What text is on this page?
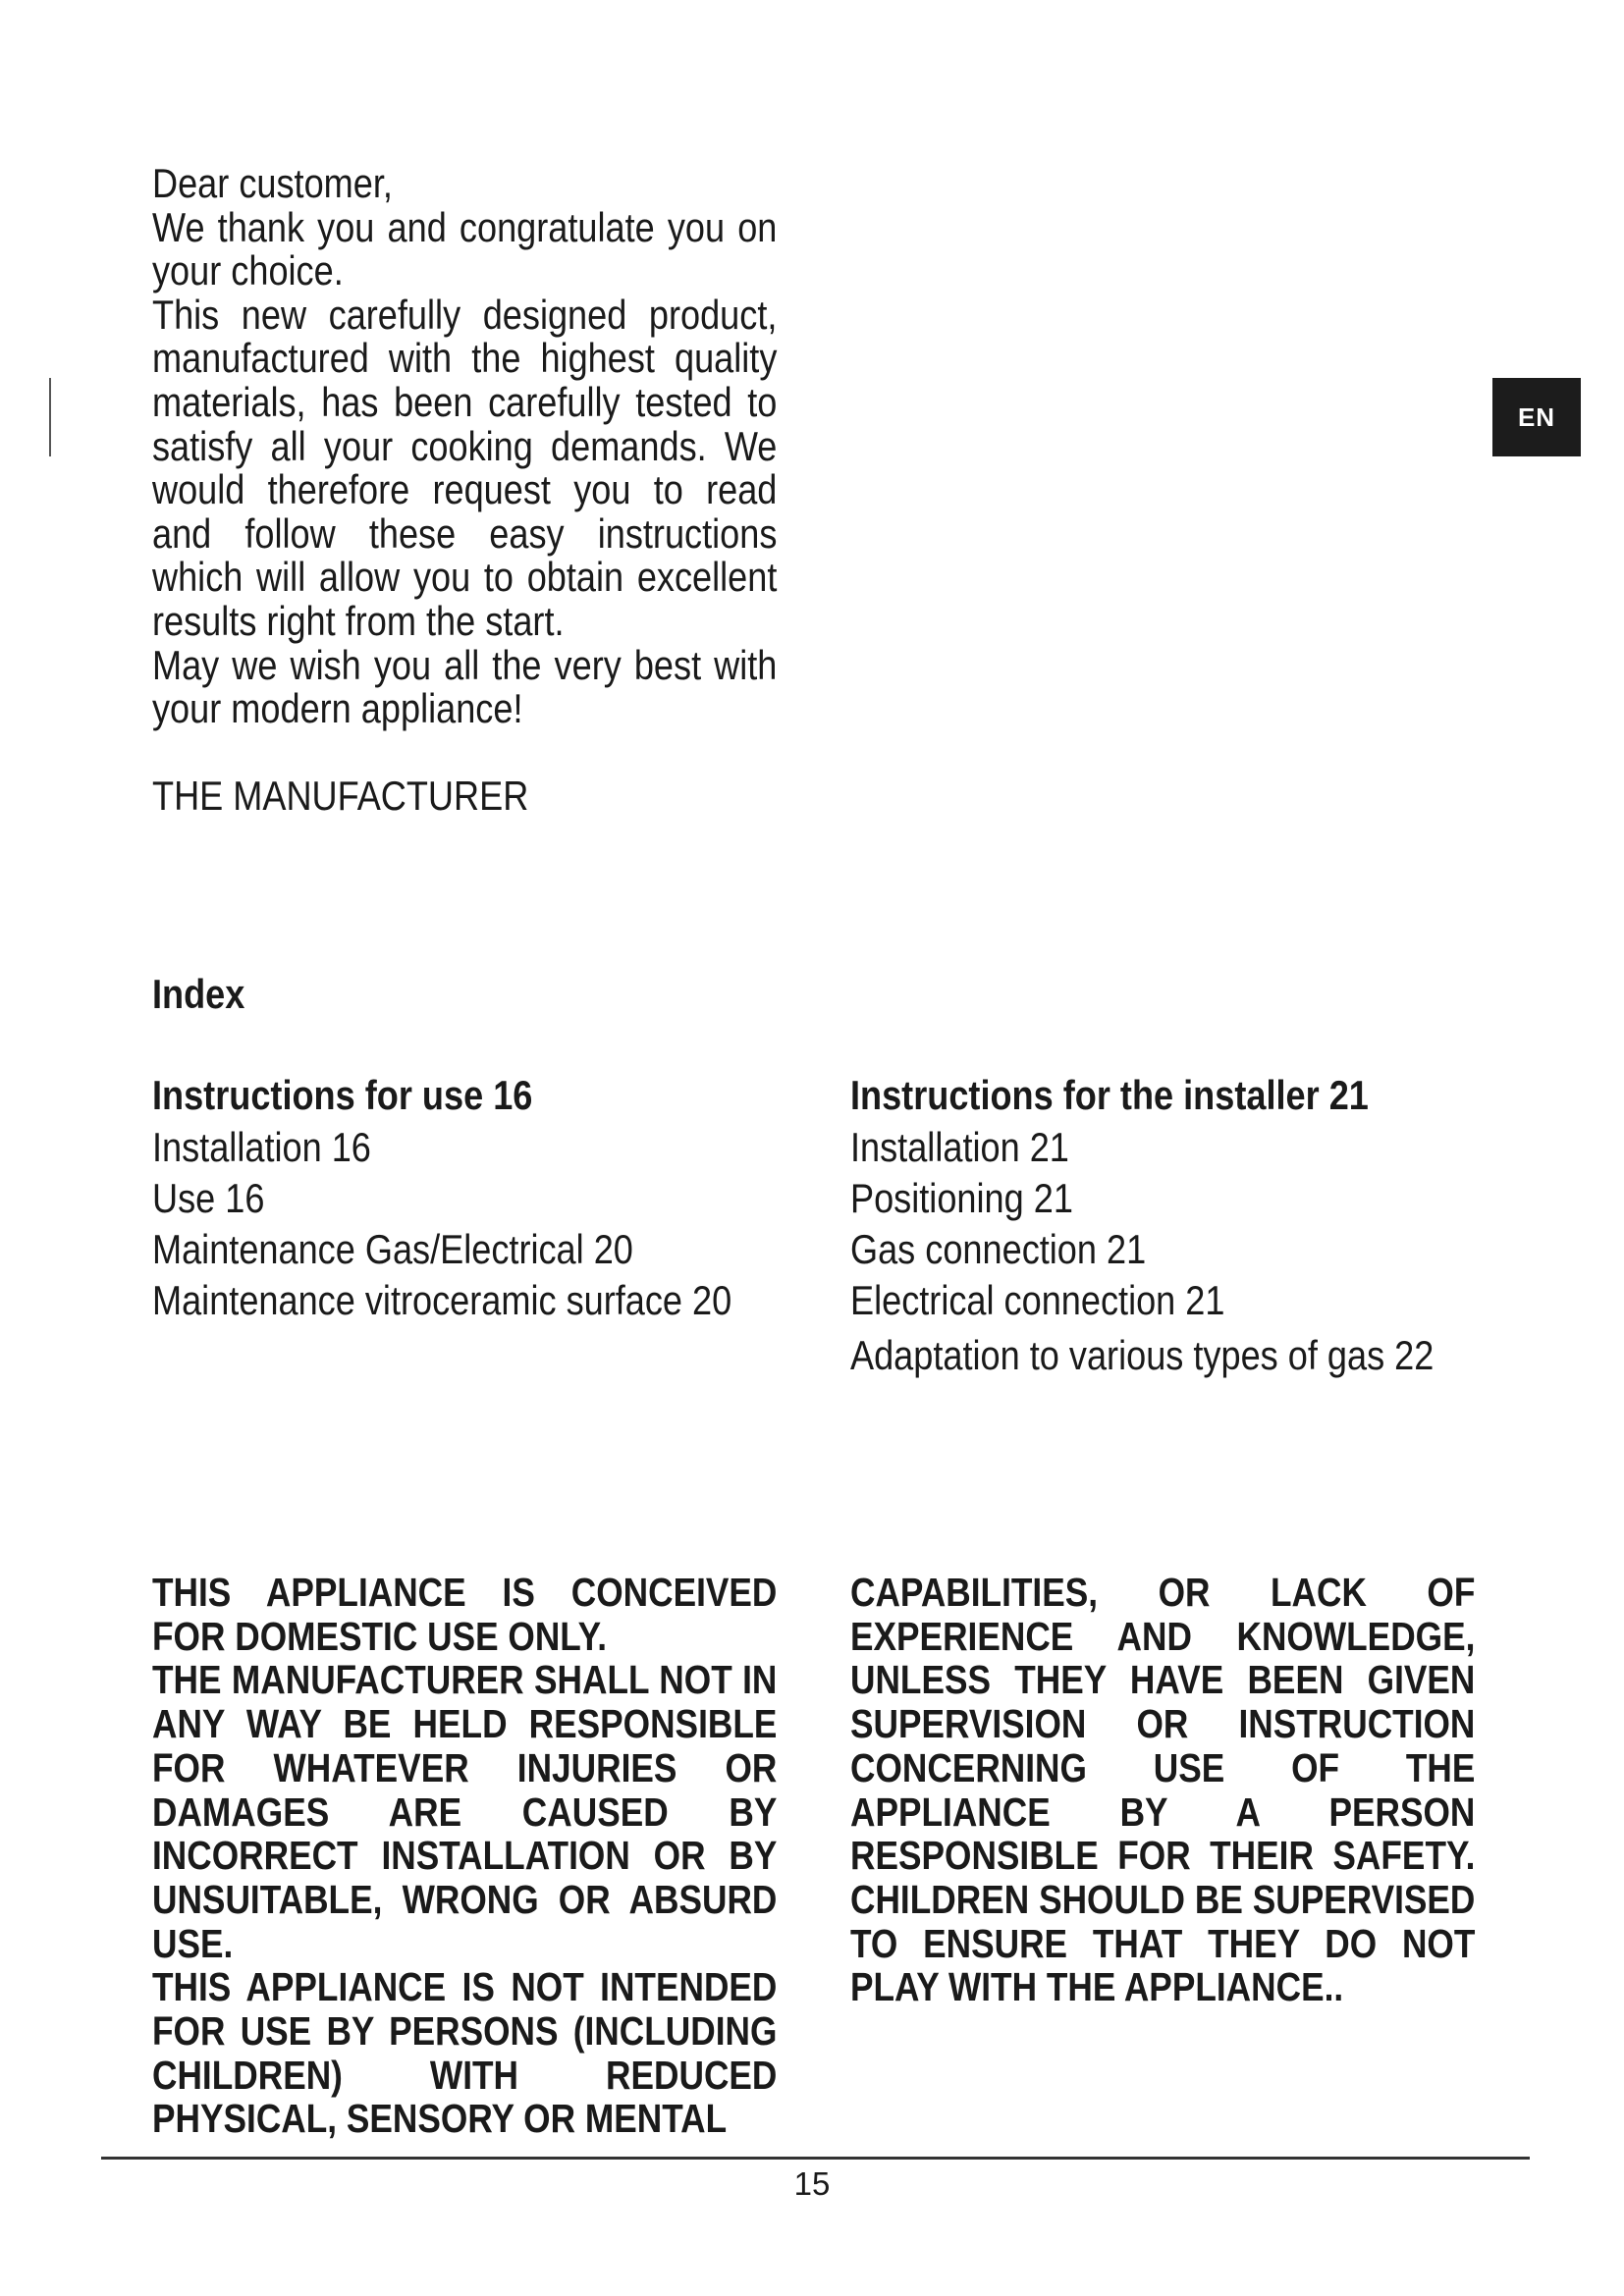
EN

Dear customer,

We thank you and congratulate you on your choice.

This new carefully designed product, manufactured with the highest quality materials, has been carefully tested to satisfy all your cooking demands. We would therefore request you to read and follow these easy instructions which will allow you to obtain excellent results right from the start.

May we wish you all the very best with your modern appliance!

THE MANUFACTURER

Index
Instructions for use 16
Installation 16
Use 16
Maintenance Gas/Electrical 20
Maintenance vitroceramic surface 20
Instructions for the installer 21
Installation 21
Positioning 21
Gas connection 21
Electrical connection 21
Adaptation to various types of gas 22

THIS APPLIANCE IS CONCEIVED FOR DOMESTIC USE ONLY.

THE MANUFACTURER SHALL NOT IN ANY WAY BE HELD RESPONSIBLE FOR WHATEVER INJURIES OR DAMAGES ARE CAUSED BY INCORRECT INSTALLATION OR BY UNSUITABLE, WRONG OR ABSURD USE.

THIS APPLIANCE IS NOT INTENDED FOR USE BY PERSONS (INCLUDING CHILDREN) WITH REDUCED PHYSICAL, SENSORY OR MENTAL

CAPABILITIES, OR LACK OF EXPERIENCE AND KNOWLEDGE, UNLESS THEY HAVE BEEN GIVEN SUPERVISION OR INSTRUCTION CONCERNING USE OF THE APPLIANCE BY A PERSON RESPONSIBLE FOR THEIR SAFETY. CHILDREN SHOULD BE SUPERVISED TO ENSURE THAT THEY DO NOT PLAY WITH THE APPLIANCE..

15
